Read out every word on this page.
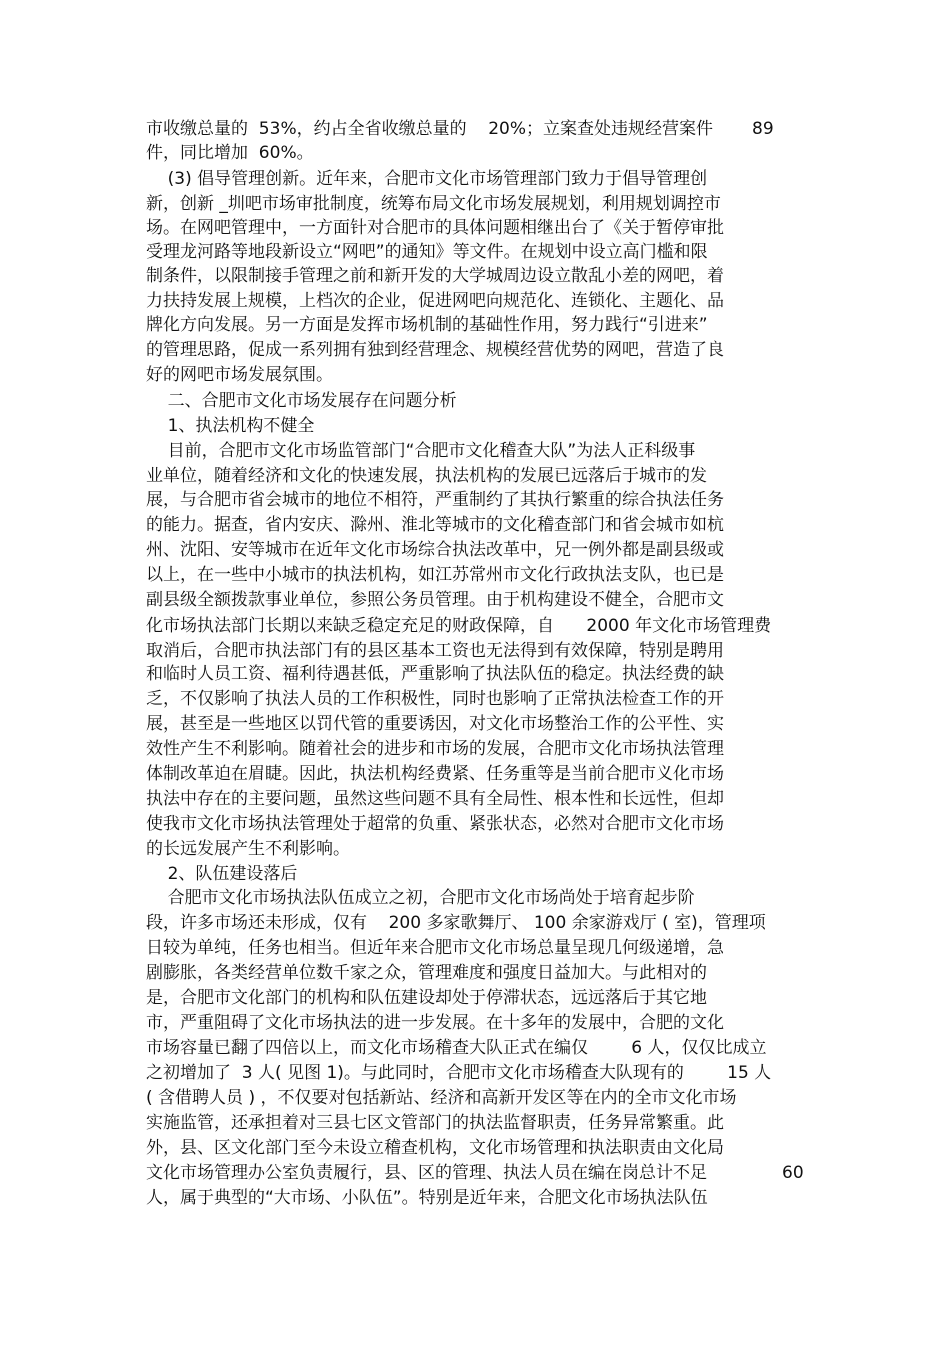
市收缴总量的  53%，约占全省收缴总量的    20%；立案查处违规经营案件 89
件，同比增加  60%。
(3) 倡导管理创新。近年来，合肥市文化市场管理部门致力于倡导管理创
新，创新 _圳吧市场审批制度，统筹布局文化市场发展规划，利用规划调控市
场。在网吧管理中，一方面针对合肥市的具体问题相继出台了《关于暂停审批
受理龙河路等地段新设立“网吧”的通知》等文件。在规划中设立高门槛和限
制条件，以限制接手管理之前和新开发的大学城周边设立散乱小差的网吧，着
力扶持发展上规模，上档次的企业，促进网吧向规范化、连锁化、主题化、品
牌化方向发展。另一方面是发挥市场机制的基础性作用，努力践行“引进来”
的管理思路，促成一系列拥有独到经营理念、规模经营优势的网吧，营造了良
好的网吧市场发展氛围。
二、合肥市文化市场发展存在问题分析
1、执法机构不健全
目前，合肥市文化市场监管部门“合肥市文化稽查大队”为法人正科级事
业单位，随着经济和文化的快速发展，执法机构的发展已远落后于城市的发
展，与合肥市省会城市的地位不相符，严重制约了其执行繁重的综合执法任务
的能力。据查，省内安庆、滁州、淮北等城市的文化稽查部门和省会城市如杭
州、沈阳、安等城市在近年文化市场综合执法改革中，兄一例外都是副县级或
以上，在一些中小城市的执法机构，如江苏常州市文化行政执法支队，也已是
副县级全额拨款事业单位，参照公务员管理。由于机构建设不健全，合肥市文
化市场执法部门长期以来缺乏稳定充足的财政保障，自      2000 年文化市场管理费
取消后，合肥市执法部门有的县区基本工资也无法得到有效保障，特别是聘用
和临时人员工资、福利待遇甚低，严重影响了执法队伍的稳定。执法经费的缺
乏，不仅影响了执法人员的工作积极性，同时也影响了正常执法检查工作的开
展，甚至是一些地区以罚代管的重要诱因，对文化市场整治工作的公平性、实
效性产生不利影响。随着社会的进步和市场的发展，合肥市文化市场执法管理
体制改革迫在眉睫。因此，执法机构经费紧、任务重等是当前合肥市义化市场
执法中存在的主要问题，虽然这些问题不具有全局性、根本性和长远性，但却
使我市文化市场执法管理处于超常的负重、紧张状态，必然对合肥市文化市场
的长远发展产生不利影响。
2、队伍建设落后
合肥市文化市场执法队伍成立之初，合肥市文化市场尚处于培育起步阶
段，许多市场还未形成，仅有    200 多家歌舞厅、 100 余家游戏厅 ( 室)，管理项
日较为单纯，任务也相当。但近年来合肥市文化市场总量呈现几何级递增，急
剧膨胀，各类经营单位数千家之众，管理难度和强度日益加大。与此相对的
是，合肥市文化部门的机构和队伍建设却处于停滞状态，远远落后于其它地
市，严重阻碍了文化市场执法的进一步发展。在十多年的发展中，合肥的文化
市场容量已翻了四倍以上，而文化市场稽查大队正式在编仅        6 人，仅仅比成立
之初增加了  3 人( 见图 1)。与此同时，合肥市文化市场稽查大队现有的        15 人
( 含借聘人员 ) ，不仅要对包括新站、经济和高新开发区等在内的全市文化市场
实施监管，还承担着对三县七区文管部门的执法监督职责，任务异常繁重。此
外，县、区文化部门至今未设立稽查机构，文化市场管理和执法职责由文化局
文化市场管理办公室负责履行，县、区的管理、执法人员在编在岗总计不足	60
人，属于典型的“大市场、小队伍”。特别是近年来，合肥文化市场执法队伍
